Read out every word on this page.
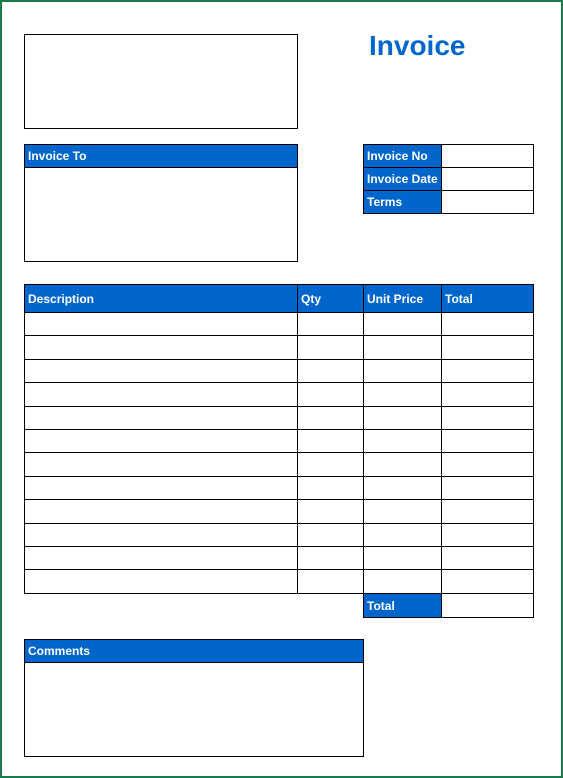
Invoice
Invoice To	Invoice No	
Invoice Date	
Terms	
Description	Qty	Unit Price	Total

Total	
Comments
